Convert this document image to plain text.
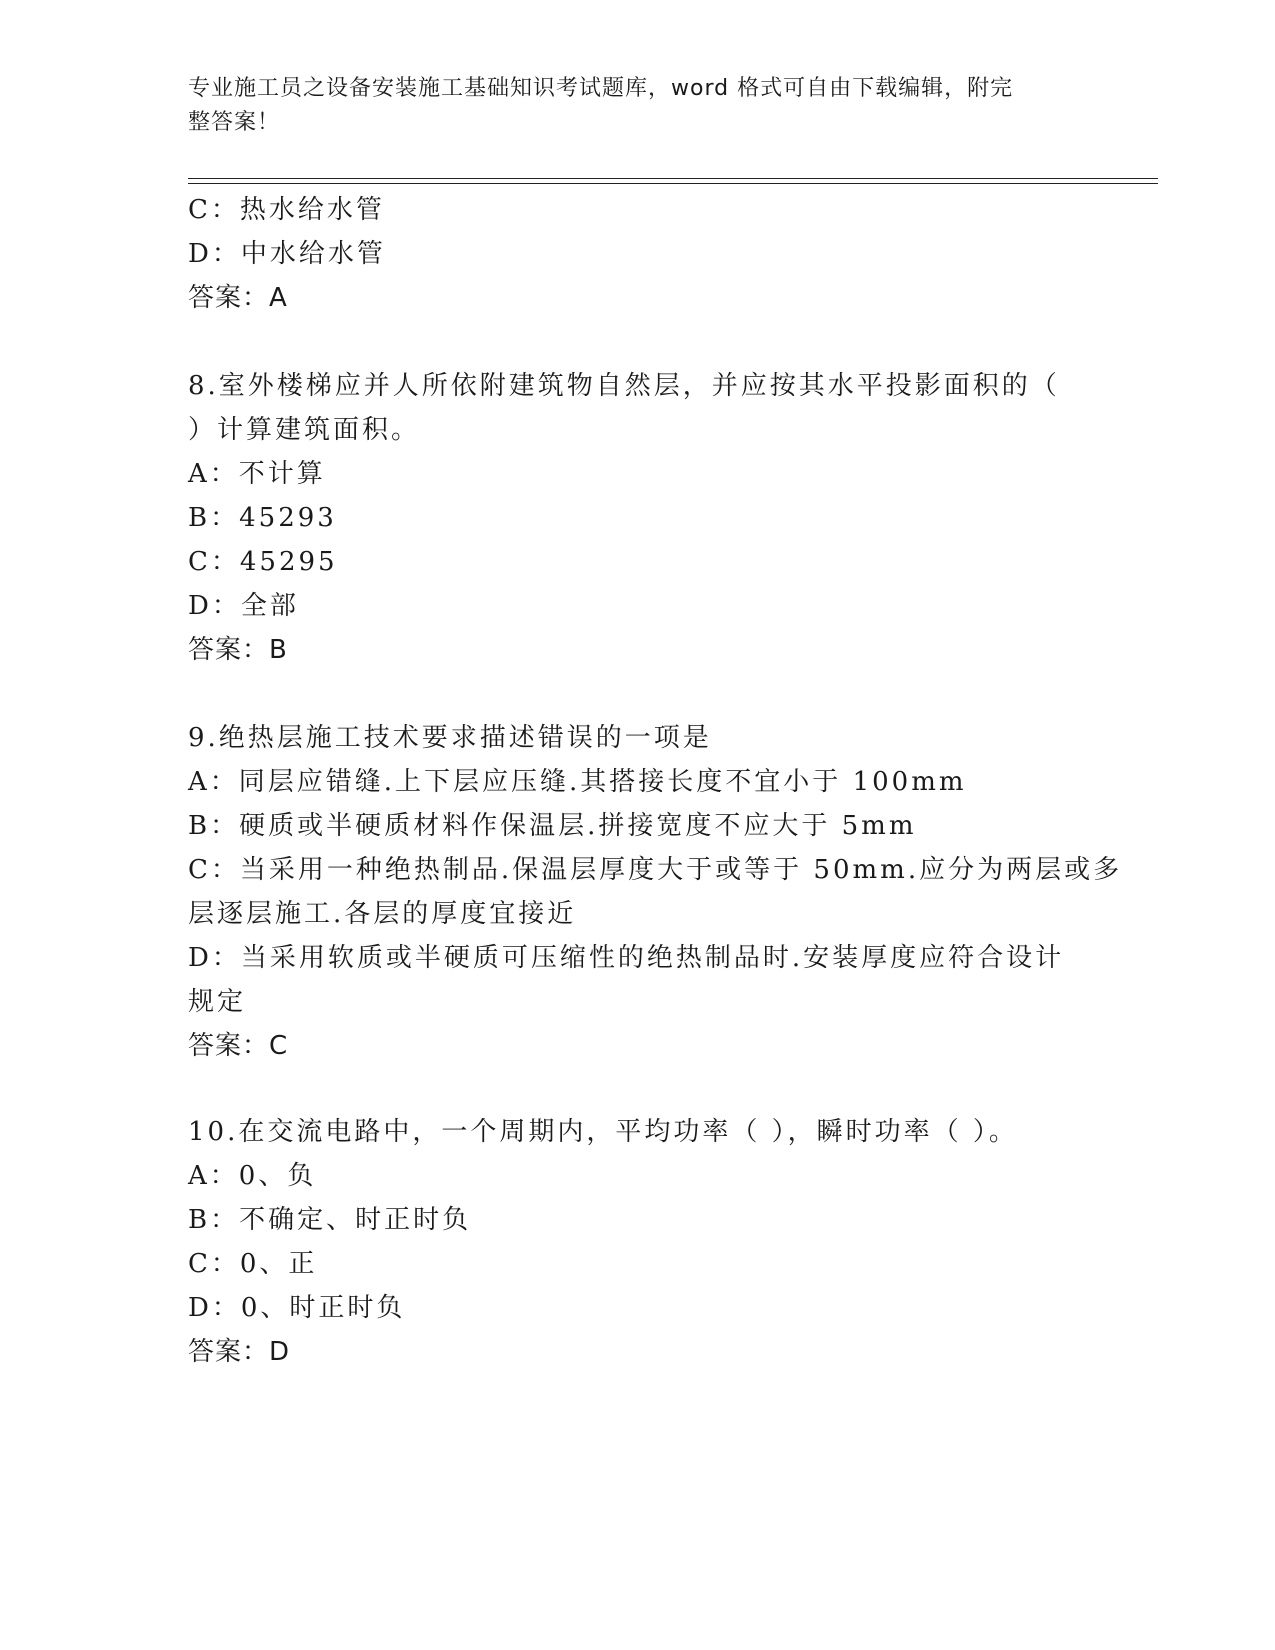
专业施工员之设备安装施工基础知识考试题库，word 格式可自由下载编辑，附完
整答案！
C：热水给水管
D：中水给水管
答案：A
8.室外楼梯应并人所依附建筑物自然层，并应按其水平投影面积的（
）计算建筑面积。
A：不计算
B：45293
C：45295
D：全部
答案：B
9.绝热层施工技术要求描述错误的一项是
A：同层应错缝.上下层应压缝.其搭接长度不宜小于 100mm
B：硬质或半硬质材料作保温层.拼接宽度不应大于 5mm
C：当采用一种绝热制品.保温层厚度大于或等于 50mm.应分为两层或多
层逐层施工.各层的厚度宜接近
D：当采用软质或半硬质可压缩性的绝热制品时.安装厚度应符合设计
规定
答案：C
10.在交流电路中，一个周期内，平均功率（ ），瞬时功率（ ）。
A：0、负
B：不确定、时正时负
C：0、正
D：0、时正时负
答案：D
